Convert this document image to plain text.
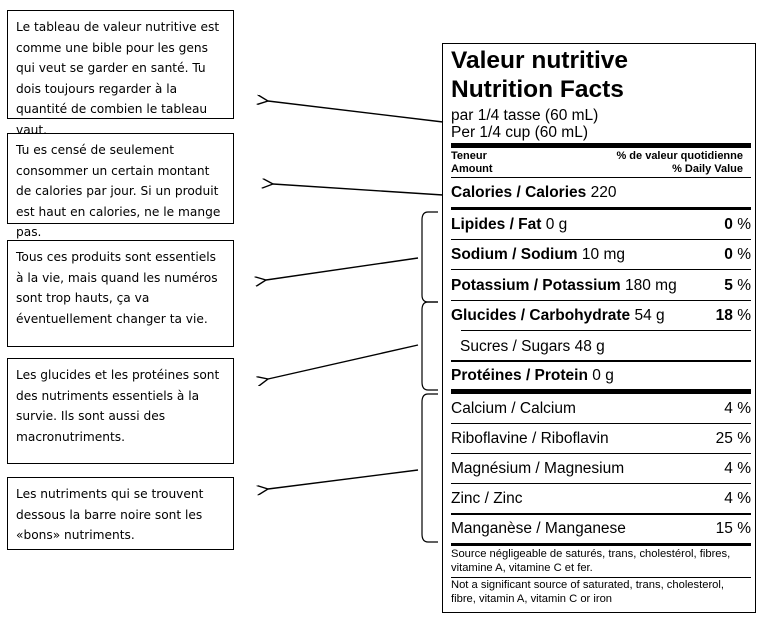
Le tableau de valeur nutritive est comme une bible pour les gens qui veut se garder en santé. Tu dois toujours regarder à la quantité de combien le tableau vaut.
Tu es censé de seulement consommer un certain montant de calories par jour. Si un produit est haut en calories, ne le mange pas.
Tous ces produits sont essentiels à la vie, mais quand les numéros sont trop hauts, ça va éventuellement changer ta vie.
Les glucides et les protéines sont des nutriments essentiels à la survie. Ils sont aussi des macronutriments.
Les nutriments qui se trouvent dessous la barre noire sont les «bons» nutriments.
Valeur nutritive
Nutrition Facts
par 1/4 tasse (60 mL)
Per 1/4 cup (60 mL)
Teneur
Amount
% de valeur quotidienne
% Daily Value
Calories / Calories 220
Lipides / Fat 0 g	0 %
Sodium / Sodium 10 mg	0 %
Potassium / Potassium 180 mg	5 %
Glucides / Carbohydrate 54 g	18 %
Sucres / Sugars 48 g
Protéines / Protein 0 g
Calcium / Calcium	4 %
Riboflavine / Riboflavin	25 %
Magnésium / Magnesium	4 %
Zinc / Zinc	4 %
Manganèse / Manganese	15 %
Source négligeable de saturés, trans, cholestérol, fibres, vitamine A, vitamine C et fer.
Not a significant source of saturated, trans, cholesterol, fibre, vitamin A, vitamin C or iron
